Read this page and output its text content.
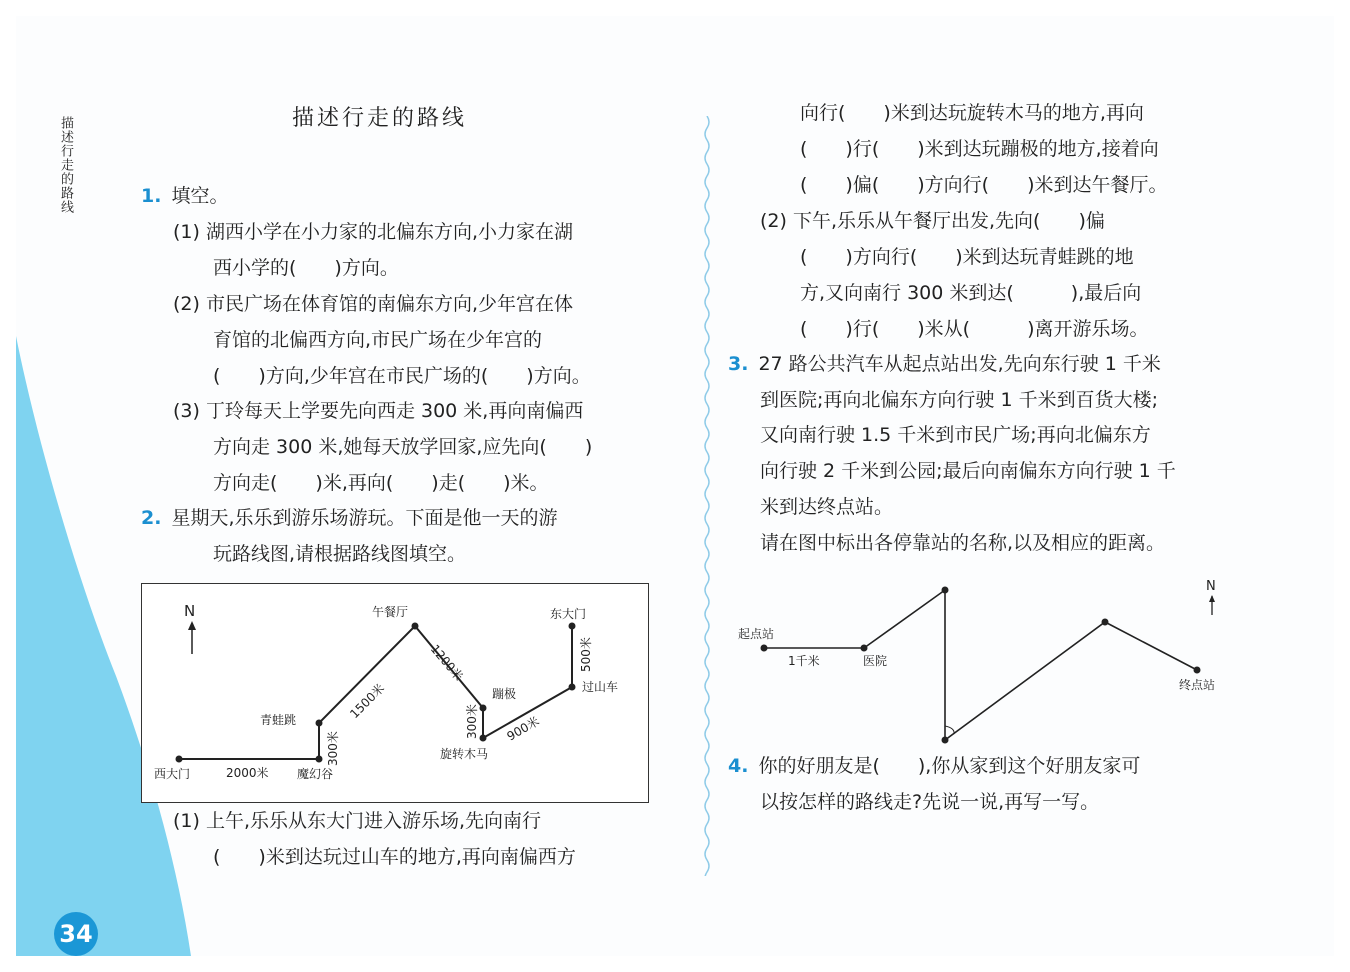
描述行走的路线
34
描述行走的路线
1. 填空。
(1) 湖西小学在小力家的北偏东方向,小力家在湖
西小学的(　　)方向。
(2) 市民广场在体育馆的南偏东方向,少年宫在体
育馆的北偏西方向,市民广场在少年宫的
(　　)方向,少年宫在市民广场的(　　)方向。
(3) 丁玲每天上学要先向西走 300 米,再向南偏西
方向走 300 米,她每天放学回家,应先向(　　)
方向走(　　)米,再向(　　)走(　　)米。
2. 星期天,乐乐到游乐场游玩。下面是他一天的游
玩路线图,请根据路线图填空。
(1) 上午,乐乐从东大门进入游乐场,先向南行
(　　)米到达玩过山车的地方,再向南偏西方
向行(　　)米到达玩旋转木马的地方,再向
(　　)行(　　)米到达玩蹦极的地方,接着向
(　　)偏(　　)方向行(　　)米到达午餐厅。
(2) 下午,乐乐从午餐厅出发,先向(　　)偏
(　　)方向行(　　)米到达玩青蛙跳的地
方,又向南行 300 米到达(　　　),最后向
(　　)行(　　)米从(　　　)离开游乐场。
3. 27 路公共汽车从起点站出发,先向东行驶 1 千米
到医院;再向北偏东方向行驶 1 千米到百货大楼;
又向南行驶 1.5 千米到市民广场;再向北偏东方
向行驶 2 千米到公园;最后向南偏东方向行驶 1 千
米到达终点站。
请在图中标出各停靠站的名称,以及相应的距离。
4. 你的好朋友是(　　),你从家到这个好朋友家可
以按怎样的路线走?先说一说,再写一写。
N
西大门	魔幻谷
青蛙跳
午餐厅
蹦极
旋转木马
过山车
东大门
2000米
300米
1500米
1200米
300米 900米
500米
N
起点站
医院
1千米
终点站
